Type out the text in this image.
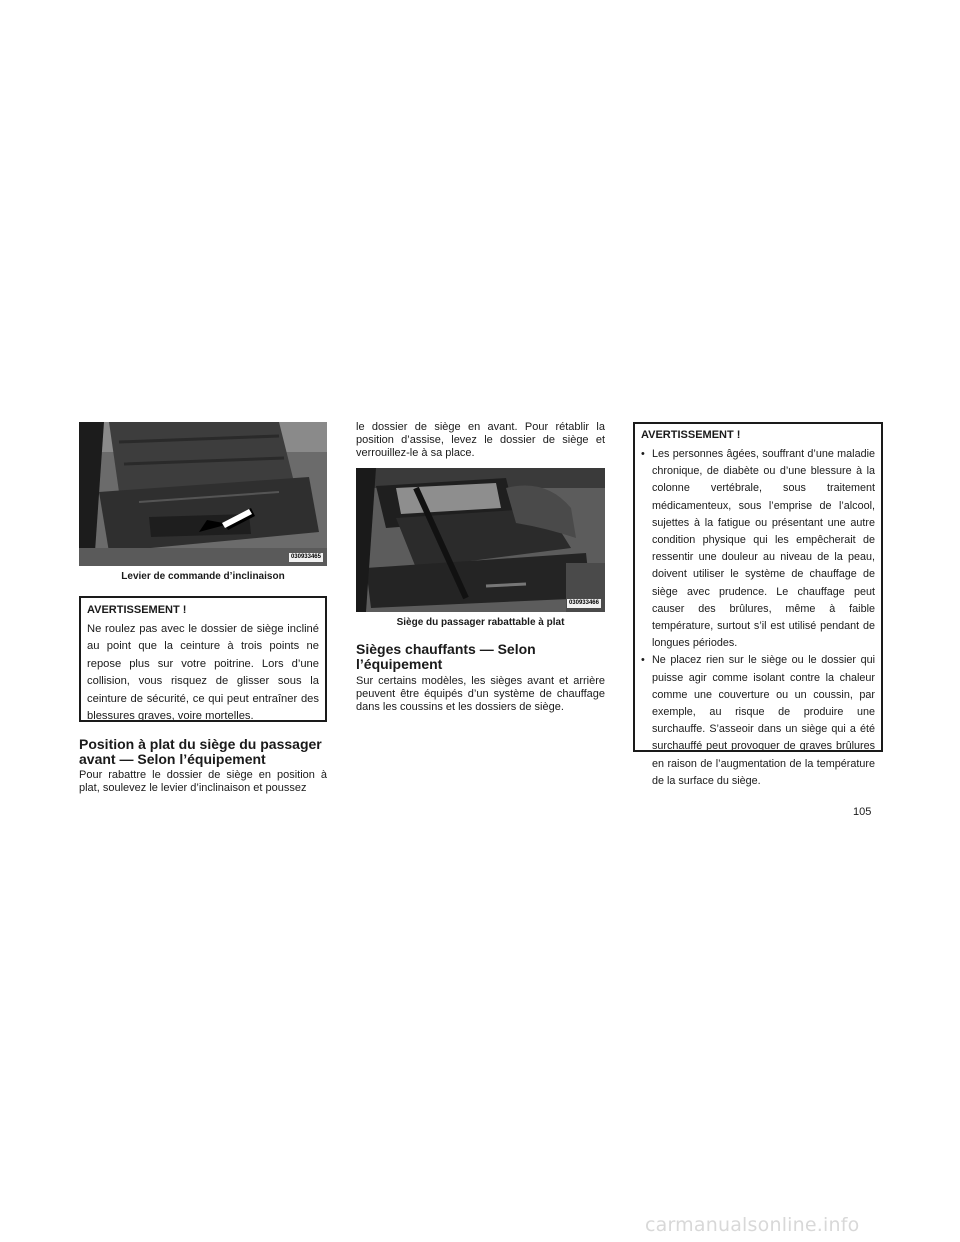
030933465
Levier de commande d’inclinaison
AVERTISSEMENT !

Ne roulez pas avec le dossier de siège incliné au point que la ceinture à trois points ne repose plus sur votre poitrine. Lors d’une collision, vous risquez de glisser sous la ceinture de sécurité, ce qui peut entraîner des blessures graves, voire mortelles.

Position à plat du siège du passager avant — Selon l’équipement

Pour rabattre le dossier de siège en position à plat, soulevez le levier d’inclinaison et poussez

le dossier de siège en avant. Pour rétablir la position d’assise, levez le dossier de siège et verrouillez-le à sa place.

030933466
Siège du passager rabattable à plat
Sièges chauffants — Selon l’équipement

Sur certains modèles, les sièges avant et arrière peuvent être équipés d’un système de chauffage dans les coussins et les dossiers de siège.

AVERTISSEMENT !
• Les personnes âgées, souffrant d’une maladie chronique, de diabète ou d’une blessure à la colonne vertébrale, sous traitement médicamenteux, sous l’emprise de l’alcool, sujettes à la fatigue ou présentant une autre condition physique qui les empêcherait de ressentir une douleur au niveau de la peau, doivent utiliser le système de chauffage de siège avec prudence. Le chauffage peut causer des brûlures, même à faible température, surtout s’il est utilisé pendant de longues périodes.
• Ne placez rien sur le siège ou le dossier qui puisse agir comme isolant contre la chaleur comme une couverture ou un coussin, par exemple, au risque de produire une surchauffe. S’asseoir dans un siège qui a été surchauffé peut provoquer de graves brûlures en raison de l’augmentation de la température de la surface du siège.
105
carmanualsonline.info
